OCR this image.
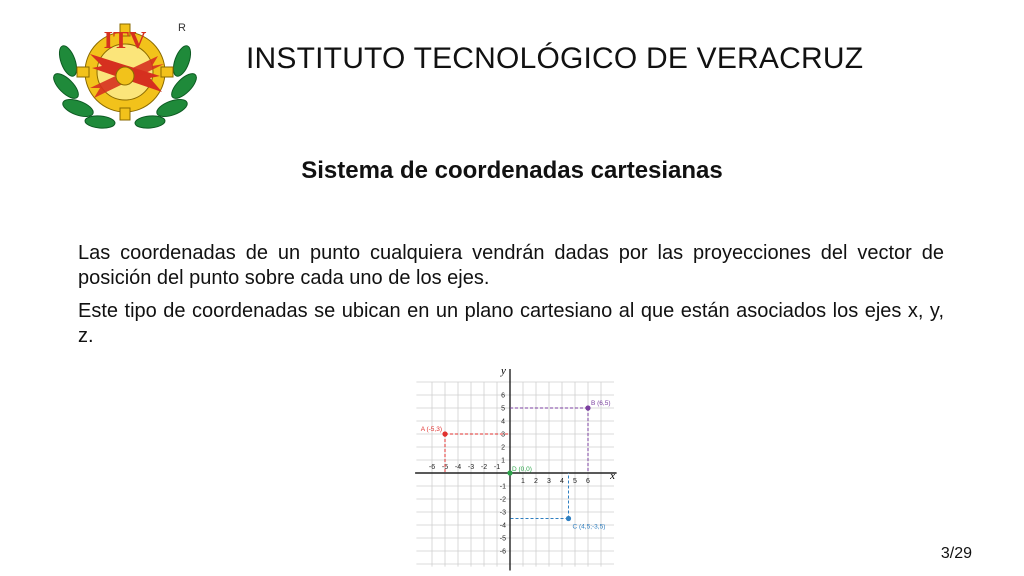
ITV	R
INSTITUTO TECNOLÓGICO DE VERACRUZ
Sistema de coordenadas cartesianas

Las coordenadas de un punto cualquiera vendrán dadas por las proyecciones del vector de posición del punto sobre cada uno de los ejes.

Este tipo de coordenadas se ubican en un plano cartesiano al que están asociados los ejes x, y, z.

x
y
-6 -5 -4 -3 -2 -1
1 2 3 4 5 6
6
5
4
3
2
1
-1
-2
-3
-4
-5
-6
A (-5,3)
B (6,5)
C (4,5;-3,5)
D (0,0)
3/29
